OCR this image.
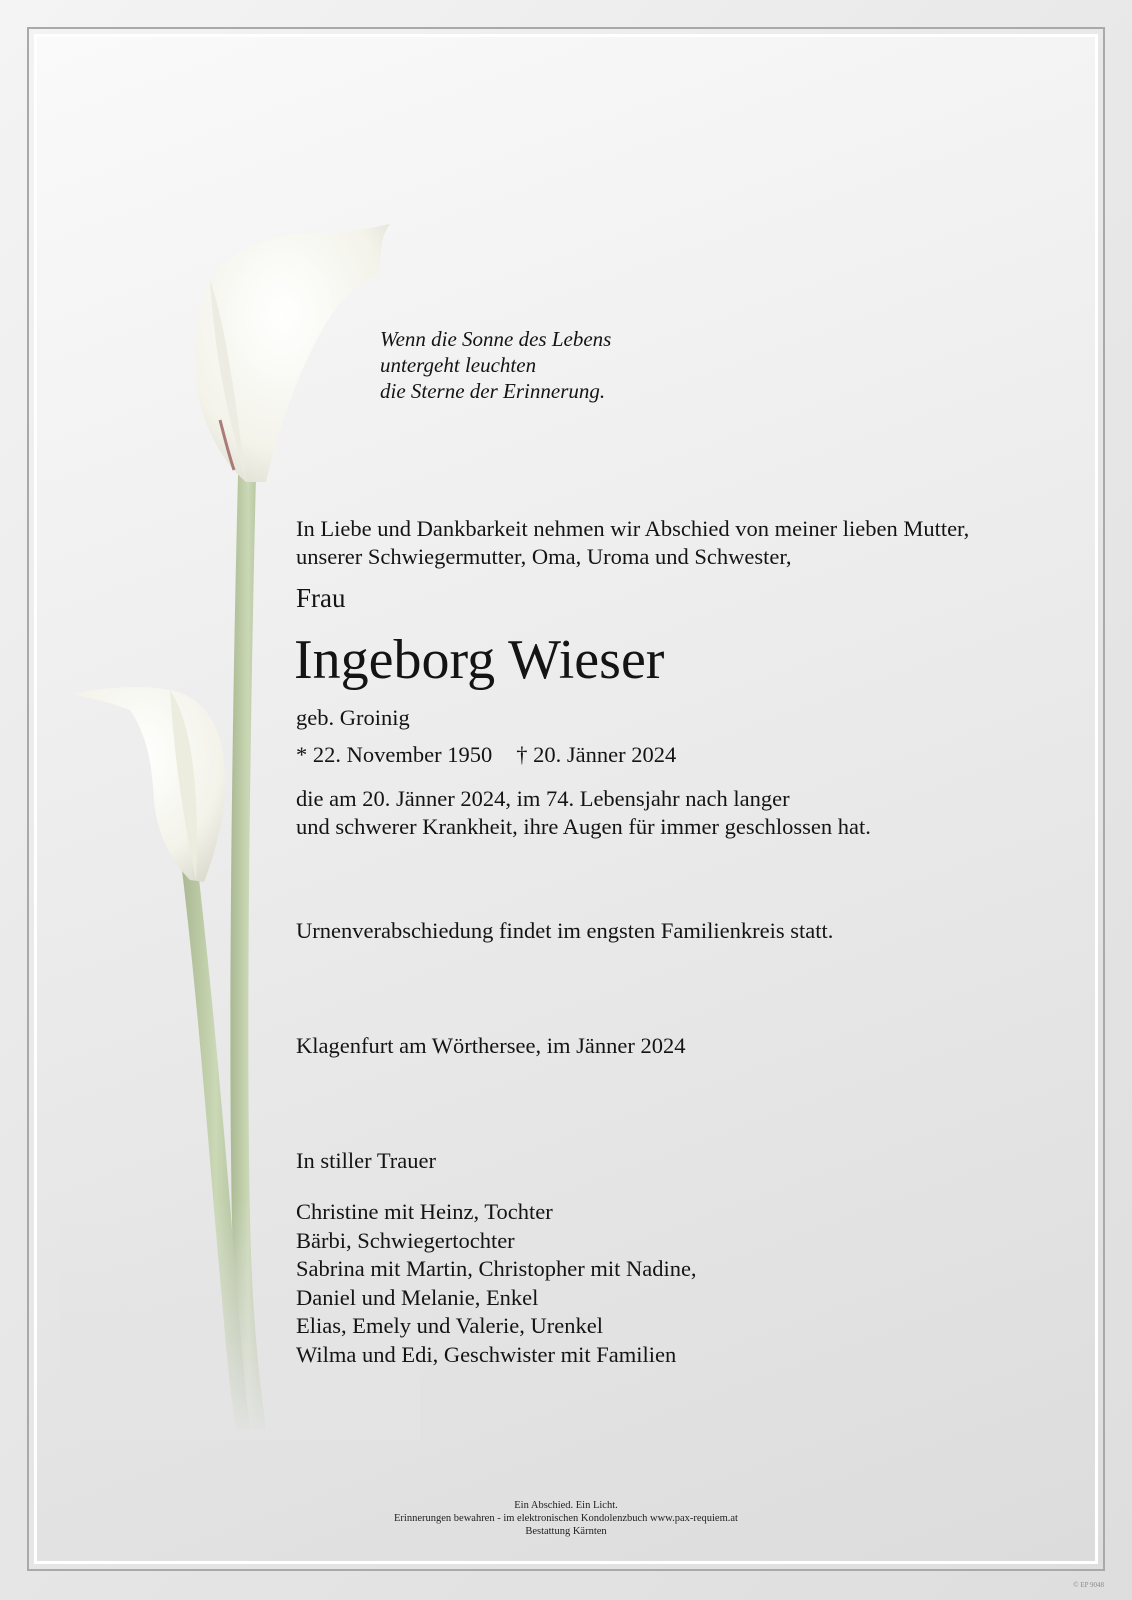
Wenn die Sonne des Lebens
untergeht leuchten
die Sterne der Erinnerung.
In Liebe und Dankbarkeit nehmen wir Abschied von meiner lieben Mutter,
unserer Schwiegermutter, Oma, Uroma und Schwester,
Frau
Ingeborg Wieser
geb. Groinig
* 22. November 1950 † 20. Jänner 2024
die am 20. Jänner 2024, im 74. Lebensjahr nach langer
und schwerer Krankheit, ihre Augen für immer geschlossen hat.
Urnenverabschiedung findet im engsten Familienkreis statt.
Klagenfurt am Wörthersee, im Jänner 2024
In stiller Trauer
Christine mit Heinz, Tochter
Bärbi, Schwiegertochter
Sabrina mit Martin, Christopher mit Nadine,
Daniel und Melanie, Enkel
Elias, Emely und Valerie, Urenkel
Wilma und Edi, Geschwister mit Familien
Ein Abschied. Ein Licht.
Erinnerungen bewahren - im elektronischen Kondolenzbuch www.pax-requiem.at
Bestattung Kärnten
© EP 9048
